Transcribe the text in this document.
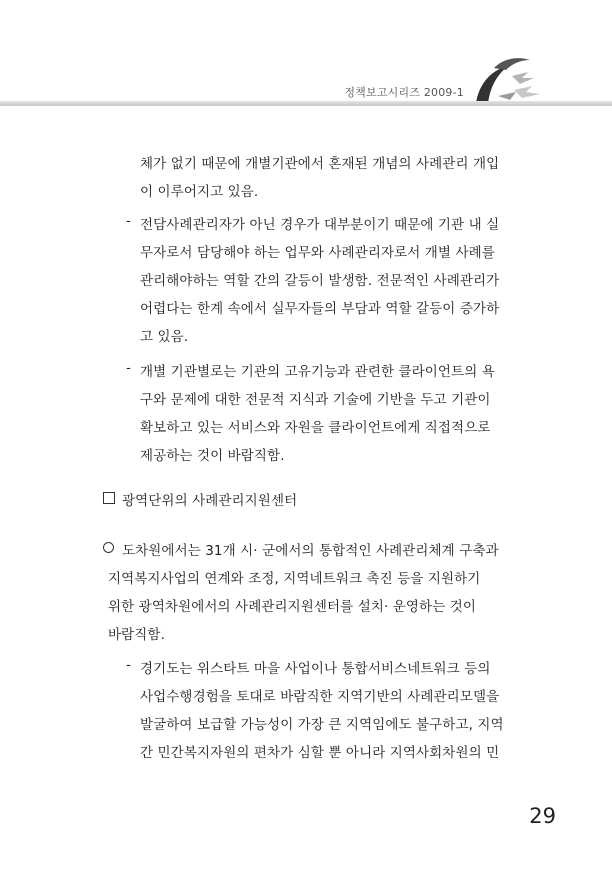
정책보고시리즈 2009-1
체가 없기 때문에 개별기관에서 혼재된 개념의 사례관리 개입
이 이루어지고 있음.
- 전담사례관리자가 아닌 경우가 대부분이기 때문에 기관 내 실
무자로서 담당해야 하는 업무와 사례관리자로서 개별 사례를
관리해야하는 역할 간의 갈등이 발생함. 전문적인 사례관리가
어렵다는 한계 속에서 실무자들의 부담과 역할 갈등이 증가하
고 있음.
- 개별 기관별로는 기관의 고유기능과 관련한 클라이언트의 욕
구와 문제에 대한 전문적 지식과 기술에 기반을 두고 기관이
확보하고 있는 서비스와 자원을 클라이언트에게 직접적으로
제공하는 것이 바람직함.
광역단위의 사례관리지원센터
도차원에서는 31개 시· 군에서의 통합적인 사례관리체계 구축과
지역복지사업의 연계와 조정, 지역네트워크 촉진 등을 지원하기
위한 광역차원에서의 사례관리지원센터를 설치· 운영하는 것이
바람직함.
- 경기도는 위스타트 마을 사업이나 통합서비스네트워크 등의
사업수행경험을 토대로 바람직한 지역기반의 사례관리모델을
발굴하여 보급할 가능성이 가장 큰 지역임에도 불구하고, 지역
간 민간복지자원의 편차가 심할 뿐 아니라 지역사회차원의 민
29
